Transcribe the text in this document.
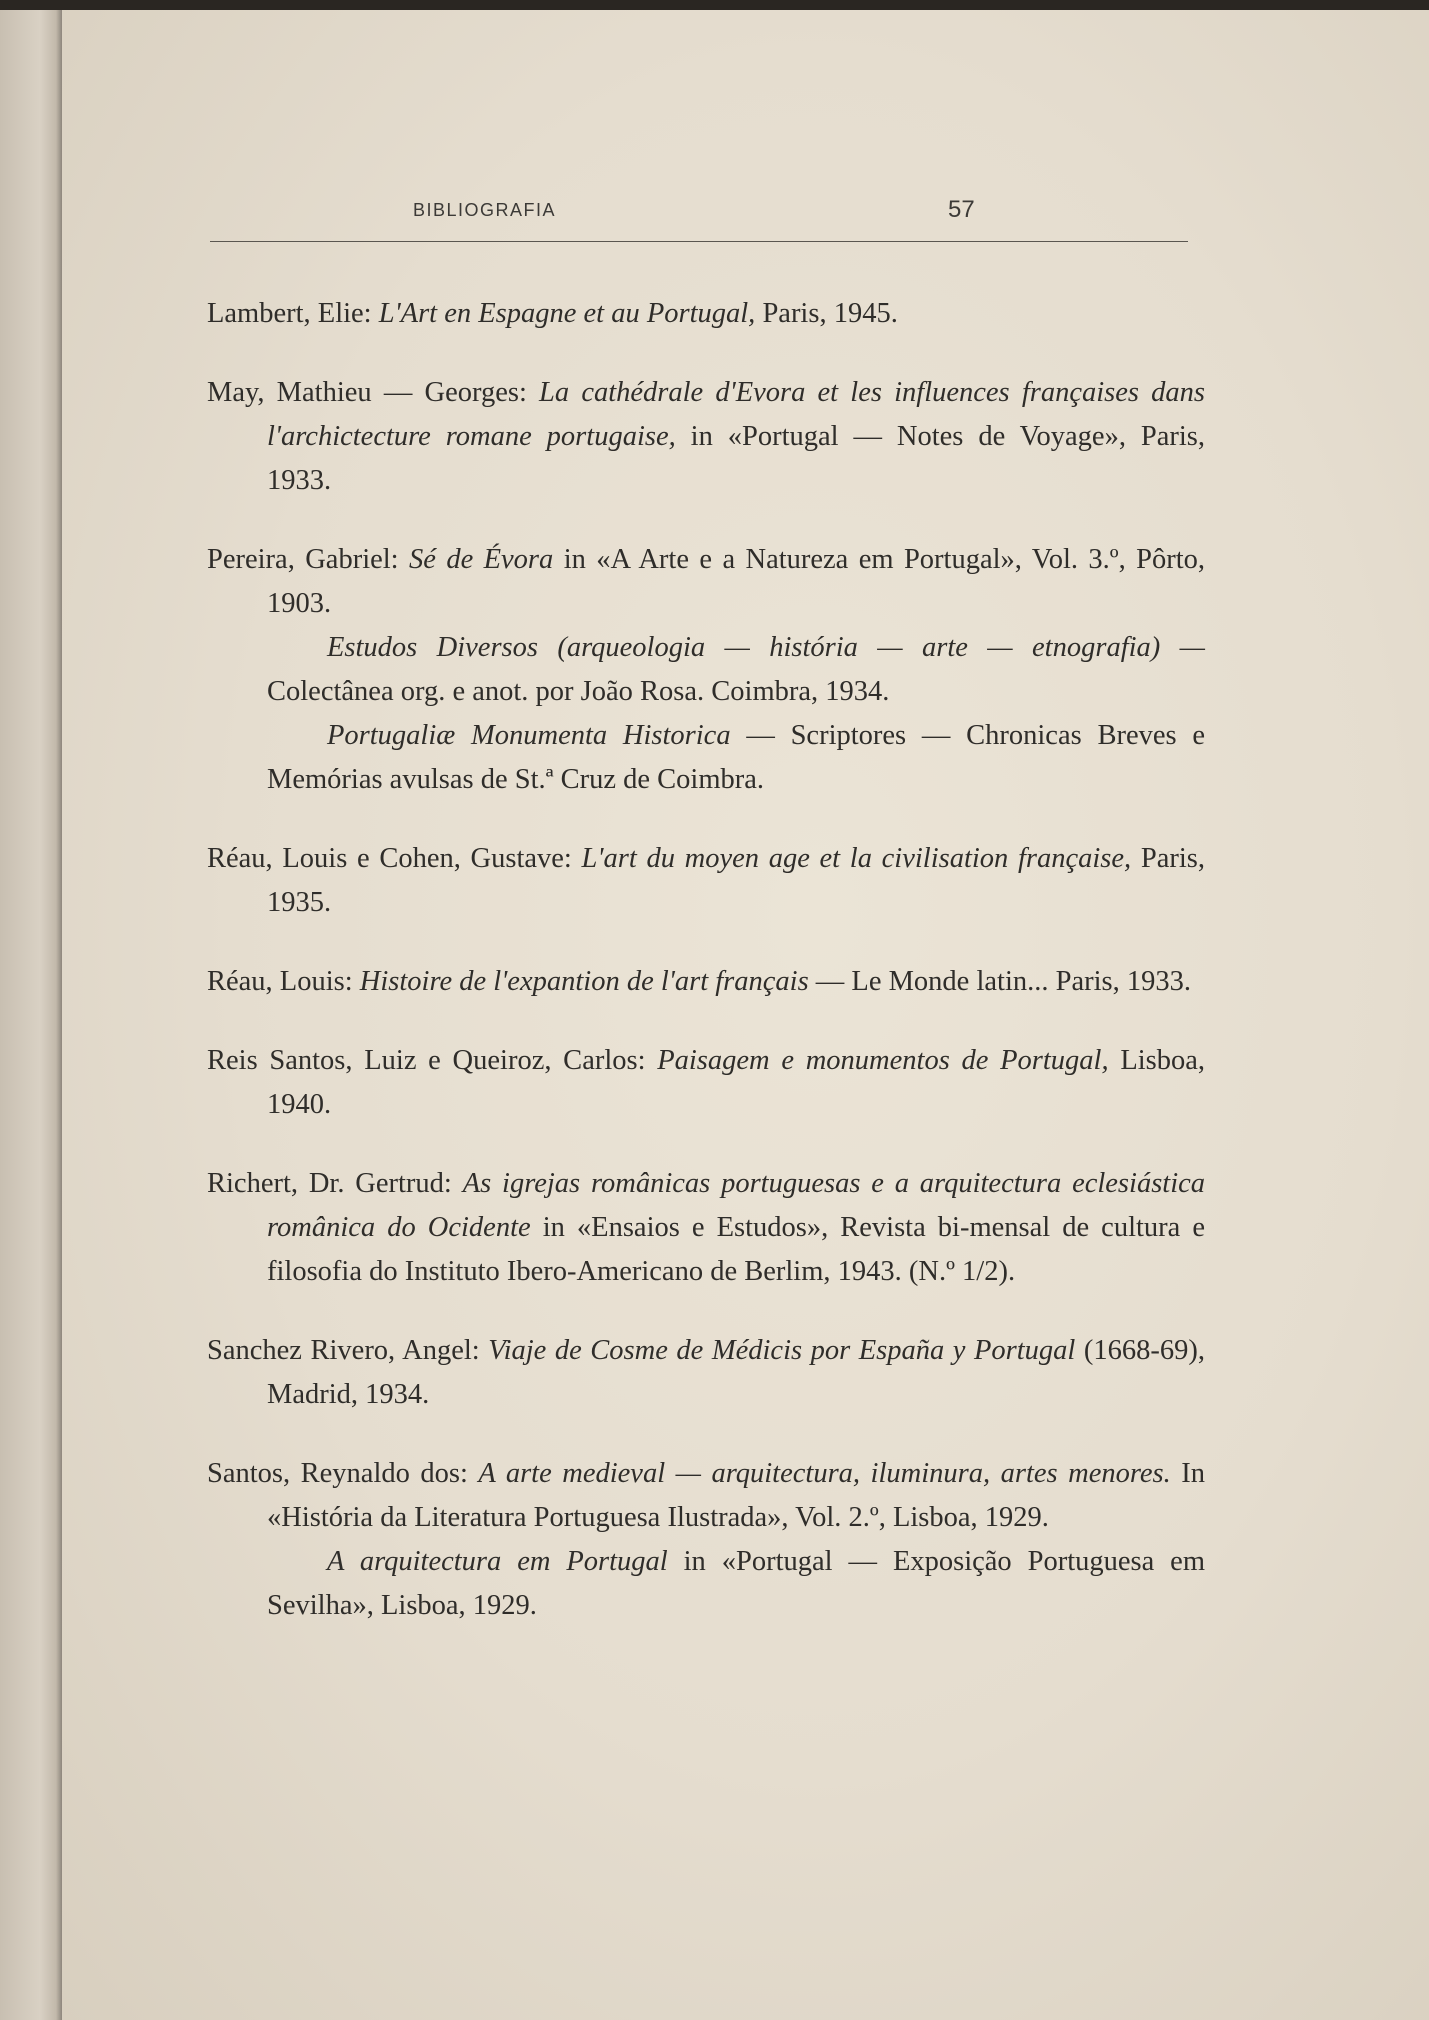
BIBLIOGRAFIA	57

Lambert, Elie: L'Art en Espagne et au Portugal, Paris, 1945.

May, Mathieu — Georges: La cathédrale d'Evora et les influences françaises dans l'archictecture romane portugaise, in «Portugal — Notes de Voyage», Paris, 1933.

Pereira, Gabriel: Sé de Évora in «A Arte e a Natureza em Portugal», Vol. 3.º, Pôrto, 1903.

Estudos Diversos (arqueologia — história — arte — etnografia) — Colectânea org. e anot. por João Rosa. Coimbra, 1934.

Portugaliæ Monumenta Historica — Scriptores — Chronicas Breves e Memórias avulsas de St.ª Cruz de Coimbra.

Réau, Louis e Cohen, Gustave: L'art du moyen age et la civilisation française, Paris, 1935.

Réau, Louis: Histoire de l'expantion de l'art français — Le Monde latin... Paris, 1933.

Reis Santos, Luiz e Queiroz, Carlos: Paisagem e monumentos de Portugal, Lisboa, 1940.

Richert, Dr. Gertrud: As igrejas românicas portuguesas e a arquitectura eclesiástica românica do Ocidente in «Ensaios e Estudos», Revista bi-mensal de cultura e filosofia do Instituto Ibero-Americano de Berlim, 1943. (N.º 1/2).

Sanchez Rivero, Angel: Viaje de Cosme de Médicis por España y Portugal (1668-69), Madrid, 1934.

Santos, Reynaldo dos: A arte medieval — arquitectura, iluminura, artes menores. In «História da Literatura Portuguesa Ilustrada», Vol. 2.º, Lisboa, 1929.

A arquitectura em Portugal in «Portugal — Exposição Portuguesa em Sevilha», Lisboa, 1929.
